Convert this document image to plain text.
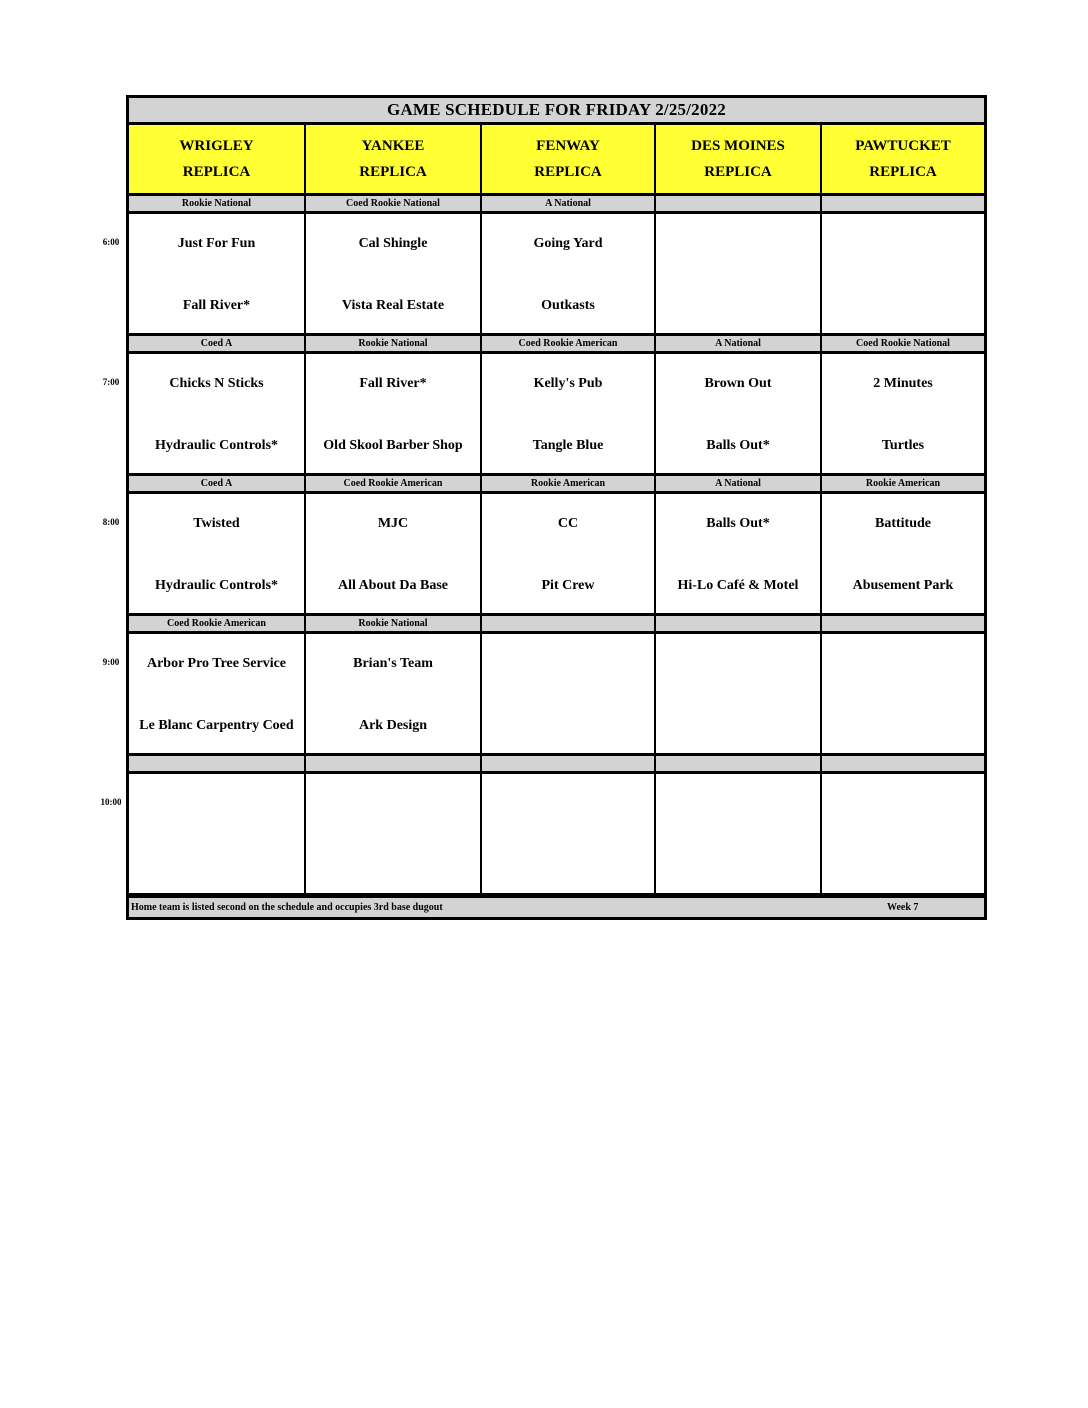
GAME SCHEDULE FOR FRIDAY 2/25/2022
Home team is listed second on the schedule and occupies 3rd base dugout	Week 7
WRIGLEY
REPLICA
YANKEE
REPLICA
FENWAY
REPLICA
DES MOINES
REPLICA
PAWTUCKET
REPLICA
Rookie National
Just For Fun
Fall River*
Coed Rookie National
Cal Shingle
Vista Real Estate
A National
Going Yard
Outkasts
Coed A
Chicks N Sticks
Hydraulic Controls*
Rookie National
Fall River*
Old Skool Barber Shop
Coed Rookie American
Kelly's Pub
Tangle Blue
A National
Brown Out
Balls Out*
Coed Rookie National
2 Minutes
Turtles
Coed A
Twisted
Hydraulic Controls*
Coed Rookie American
MJC
All About Da Base
Rookie American
CC
Pit Crew
A National
Balls Out*
Hi-Lo Café & Motel
Rookie American
Battitude
Abusement Park
Coed Rookie American
Arbor Pro Tree Service
Le Blanc Carpentry Coed
Rookie National
Brian's Team
Ark Design
6:00
7:00
8:00
9:00
10:00
